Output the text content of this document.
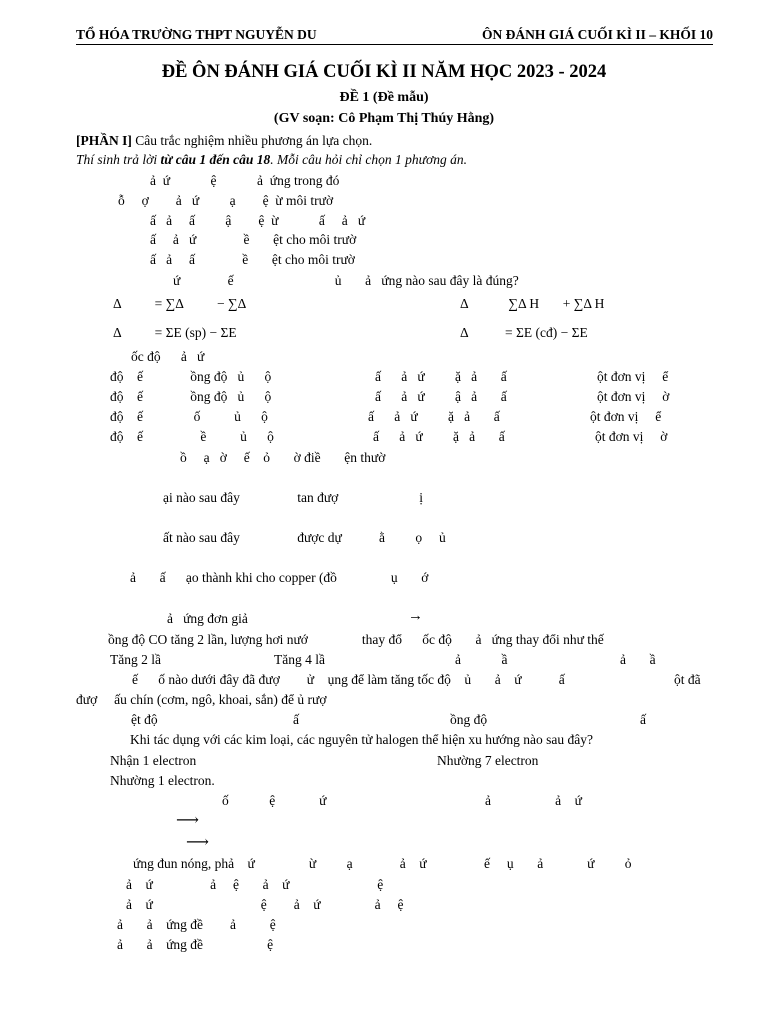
TỔ HÓA TRƯỜNG THPT NGUYỄN DU	ÔN ĐÁNH GIÁ CUỐI KÌ II – KHỐI 10
ĐỀ ÔN ĐÁNH GIÁ CUỐI KÌ II NĂM HỌC 2023 - 2024
ĐỀ 1 (Đề mẫu)
(GV soạn: Cô Phạm Thị Thúy Hằng)
[PHẦN I] Câu trắc nghiệm nhiều phương án lựa chọn.
Thí sinh trả lời từ câu 1 đến câu 18. Mỗi câu hỏi chỉ chọn 1 phương án.
ả  ứ            ệ            ả  ứng trong đó
ỗ     ợ        ả   ứ         ạ        ệ  ừ môi trườ
ấ   ả     ấ         ậ        ệ  ừ            ấ     ả   ứ
ấ     ả   ứ              ề       ệt cho môi trườ
ấ   ả     ấ              ề       ệt cho môi trườ
ứ              ế                              ủ       ả   ứng nào sau đây là đúng?
Δ          = ∑Δ          − ∑Δ	Δ            ∑Δ H       + ∑Δ H
Δ          = ΣE (sp) − ΣE	Δ           = ΣE (cđ) − ΣE
ốc độ      ả   ứ
độ    ế              ồng độ   ủ      ộ	ấ      ả   ứ         ặ   ả       ấ	ột đơn vị     ể
độ    ế              ồng độ   ủ      ộ	ấ      ả   ứ         ậ   ả       ấ	ột đơn vị     ờ
độ    ế               ố          ủ      ộ	ấ      ả   ứ         ặ   ả       ấ	ột đơn vị     ể
độ    ế                 ề          ủ      ộ	ấ      ả   ứ         ặ   ả       ấ	ột đơn vị     ờ
ồ     ạ   ờ     ế    ỏ       ờ điề       ện thườ
ại nào sau đây                 tan đượ                        ị
ất nào sau đây                 được dự           ằ         ọ     ủ
ả       ấ      ạo thành khi cho copper (đồ                ụ       ớ
ả   ứng đơn giả	→
ồng độ CO tăng 2 lần, lượng hơi nướ                thay đổ      ốc độ       ả   ứng thay đổi như thế
Tăng 2 lầ	Tăng 4 lầ	ả            ầ	ả       ầ
ế      ố nào dưới đây đã đượ        ử    ụng để làm tăng tốc độ    ủ       ả    ứ           ấ	ột đã
đượ     ấu chín (cơm, ngô, khoai, sắn) để ủ rượ
ệt độ	ấ	ồng độ	ấ
Khi tác dụng với các kim loại, các nguyên tử halogen thể hiện xu hướng nào sau đây?
Nhận 1 electron	Nhường 7 electron
Nhường 1 electron.
ố            ệ             ứ                                               ả                   ả    ứ
⟶
⟶
ứng đun nóng, phả    ứ                ừ         ạ              ả    ứ                 ế     ụ       ả             ứ         ỏ
ả    ứ                 ả     ệ       ả    ứ                          ệ
ả    ứ                                ệ        ả    ứ                ả     ệ
ả       ả    ứng đề        ả          ệ
ả       ả    ứng đề                   ệ
